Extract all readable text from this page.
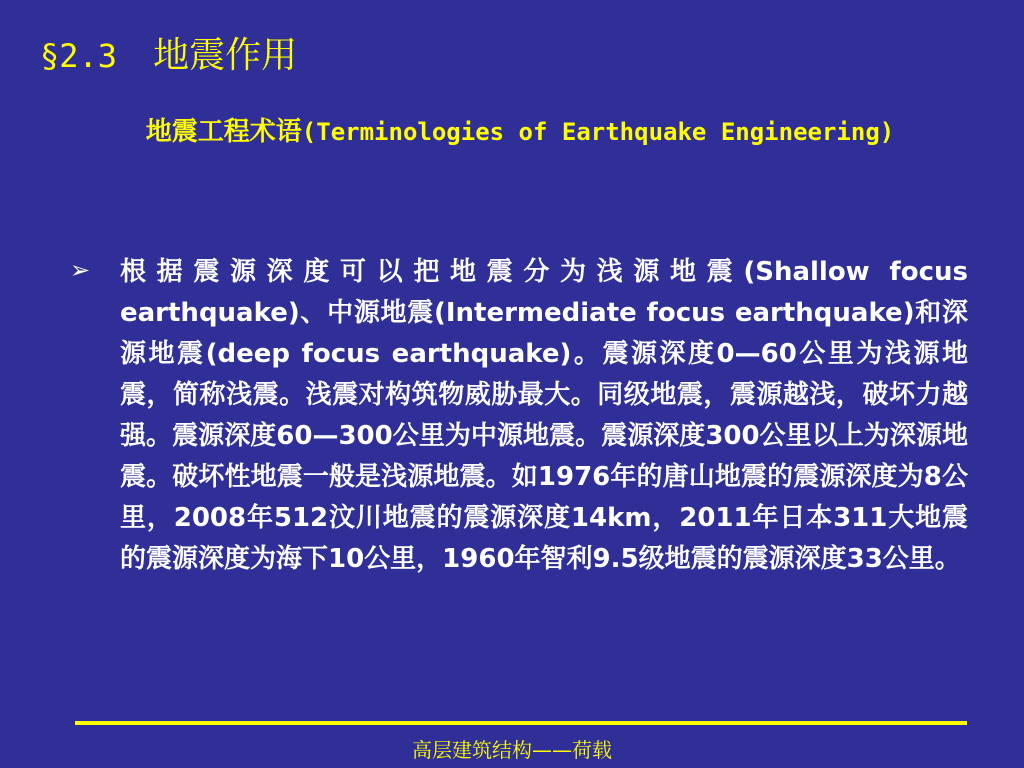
§2.3 地震作用
地震工程术语(Terminologies of Earthquake Engineering)
➢ 根据震源深度可以把地震分为浅源地震(Shallow focus earthquake)、中源地震(Intermediate focus earthquake)和深源地震(deep focus earthquake)。震源深度0—60公里为浅源地震，简称浅震。浅震对构筑物威胁最大。同级地震，震源越浅，破坏力越强。震源深度60—300公里为中源地震。震源深度300公里以上为深源地震。破坏性地震一般是浅源地震。如1976年的唐山地震的震源深度为8公里，2008年512汶川地震的震源深度14km，2011年日本311大地震的震源深度为海下10公里，1960年智利9.5级地震的震源深度33公里。
高层建筑结构——荷载
